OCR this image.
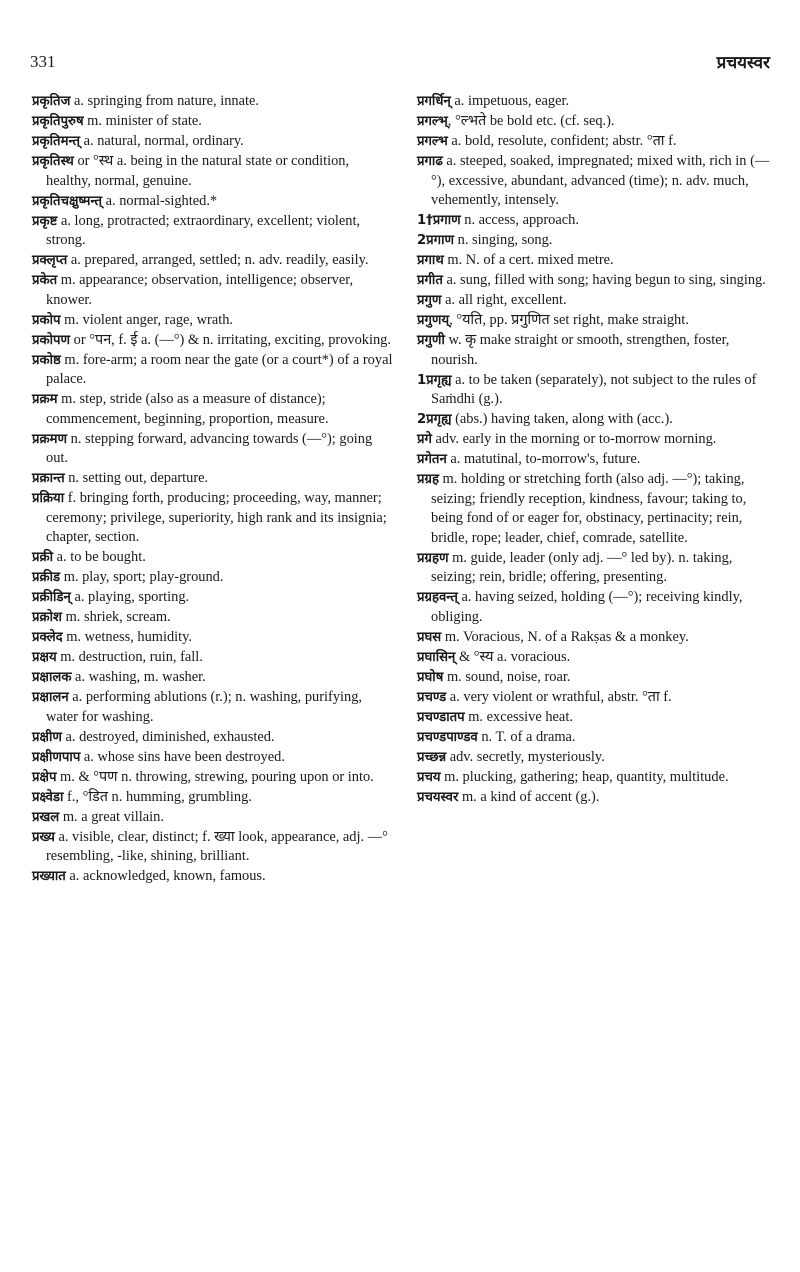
331	प्रचयस्वर

प्रकृतिज a. springing from nature, innate.

प्रकृतिपुरुष m. minister of state.

प्रकृतिमन्त् a. natural, normal, ordinary.

प्रकृतिस्थ or °स्थ a. being in the natural state or condition, healthy, normal, genuine.

प्रकृतिचक्षुष्मन्त् a. normal-sighted.*

प्रकृष्ट a. long, protracted; extraordinary, excellent; violent, strong.

प्रक्लृप्त a. prepared, arranged, settled; n. adv. readily, easily.

प्रकेत m. appearance; observation, intelligence; observer, knower.

प्रकोप m. violent anger, rage, wrath.

प्रकोपण or °पन, f. ई a. (—°) & n. irritating, exciting, provoking.

प्रकोष्ठ m. fore-arm; a room near the gate (or a court*) of a royal palace.

प्रक्रम m. step, stride (also as a measure of distance); commencement, beginning, proportion, measure.

प्रक्रमण n. stepping forward, advancing towards (—°); going out.

प्रक्रान्त n. setting out, departure.

प्रक्रिया f. bringing forth, producing; proceeding, way, manner; ceremony; privilege, superiority, high rank and its insignia; chapter, section.

प्रक्री a. to be bought.

प्रक्रीड m. play, sport; play-ground.

प्रक्रीडिन् a. playing, sporting.

प्रक्रोश m. shriek, scream.

प्रक्लेद m. wetness, humidity.

प्रक्षय m. destruction, ruin, fall.

प्रक्षालक a. washing, m. washer.

प्रक्षालन a. performing ablutions (r.); n. washing, purifying, water for washing.

प्रक्षीण a. destroyed, diminished, exhausted.

प्रक्षीणपाप a. whose sins have been destroyed.

प्रक्षेप m. & °पण n. throwing, strewing, pouring upon or into.

प्रक्ष्वेडा f., °डित n. humming, grumbling.

प्रखल m. a great villain.

प्रख्य a. visible, clear, distinct; f. ख्या look, appearance, adj. —° resembling, -like, shining, brilliant.

प्रख्यात a. acknowledged, known, famous.

प्रगर्धिन् a. impetuous, eager.

प्रगल्भ्, °ल्भते be bold etc. (cf. seq.).

प्रगल्भ a. bold, resolute, confident; abstr. °ता f.

प्रगाढ a. steeped, soaked, impregnated; mixed with, rich in (—°), excessive, abundant, advanced (time); n. adv. much, vehemently, intensely.

1†प्रगाण n. access, approach.

2प्रगाण n. singing, song.

प्रगाथ m. N. of a cert. mixed metre.

प्रगीत a. sung, filled with song; having begun to sing, singing.

प्रगुण a. all right, excellent.

प्रगुणय्, °यति, pp. प्रगुणित set right, make straight.

प्रगुणी w. कृ make straight or smooth, strengthen, foster, nourish.

1प्रगृह्य a. to be taken (separately), not subject to the rules of Saṁdhi (g.).

2प्रगृह्य (abs.) having taken, along with (acc.).

प्रगे adv. early in the morning or to-morrow morning.

प्रगेतन a. matutinal, to-morrow's, future.

प्रग्रह m. holding or stretching forth (also adj. —°); taking, seizing; friendly reception, kindness, favour; taking to, being fond of or eager for, obstinacy, pertinacity; rein, bridle, rope; leader, chief, comrade, satellite.

प्रग्रहण m. guide, leader (only adj. —° led by). n. taking, seizing; rein, bridle; offering, presenting.

प्रग्रहवन्त् a. having seized, holding (—°); receiving kindly, obliging.

प्रघस m. Voracious, N. of a Rakṣas & a monkey.

प्रघासिन् & °स्य a. voracious.

प्रघोष m. sound, noise, roar.

प्रचण्ड a. very violent or wrathful, abstr. °ता f.

प्रचण्डातप m. excessive heat.

प्रचण्डपाण्डव n. T. of a drama.

प्रच्छन्न adv. secretly, mysteriously.

प्रचय m. plucking, gathering; heap, quantity, multitude.

प्रचयस्वर m. a kind of accent (g.).
